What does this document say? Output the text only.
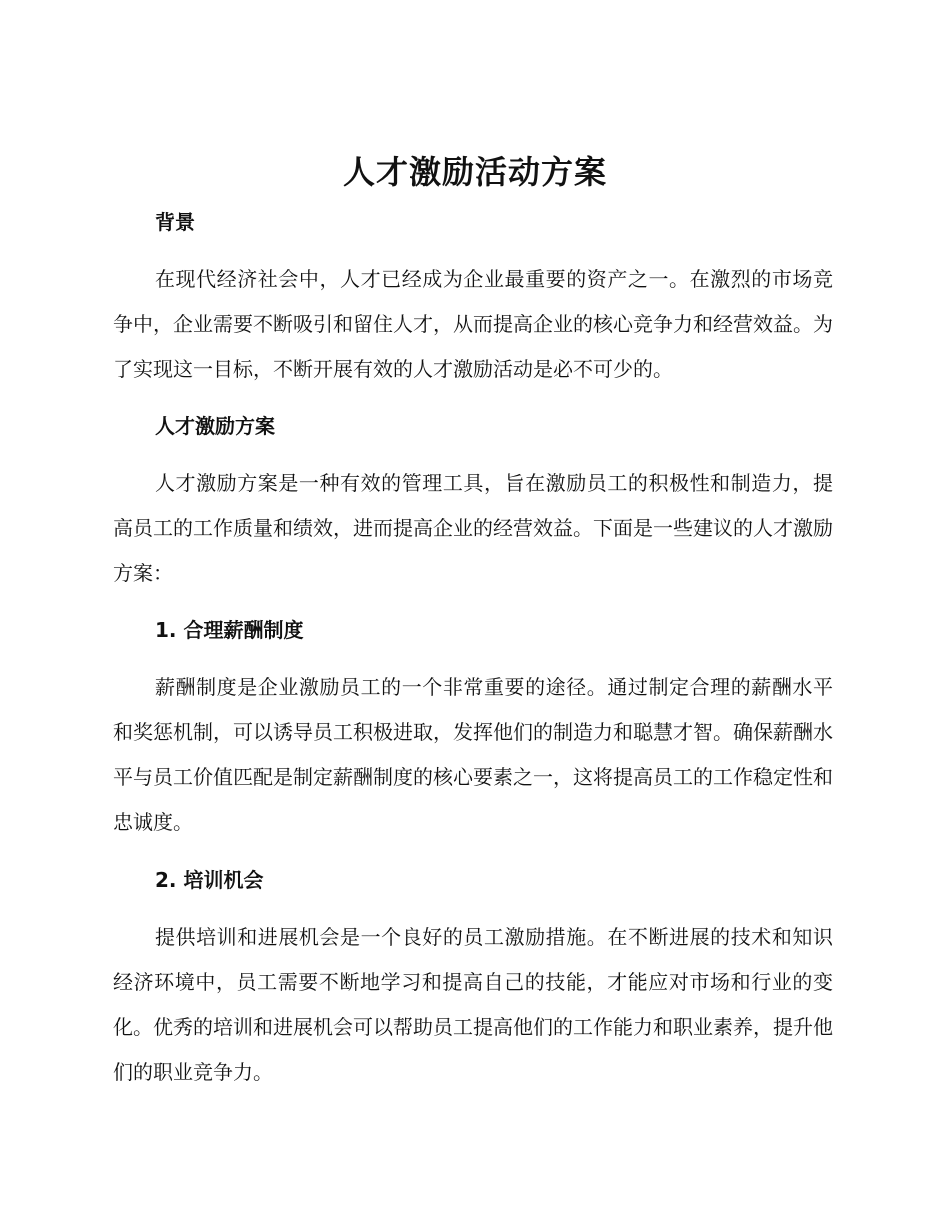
人才激励活动方案
背景

在现代经济社会中，人才已经成为企业最重要的资产之一。在激烈的市场竞争中，企业需要不断吸引和留住人才，从而提高企业的核心竞争力和经营效益。为了实现这一目标，不断开展有效的人才激励活动是必不可少的。

人才激励方案

人才激励方案是一种有效的管理工具，旨在激励员工的积极性和制造力，提高员工的工作质量和绩效，进而提高企业的经营效益。下面是一些建议的人才激励方案：

1. 合理薪酬制度

薪酬制度是企业激励员工的一个非常重要的途径。通过制定合理的薪酬水平和奖惩机制，可以诱导员工积极进取，发挥他们的制造力和聪慧才智。确保薪酬水平与员工价值匹配是制定薪酬制度的核心要素之一，这将提高员工的工作稳定性和忠诚度。

2. 培训机会

提供培训和进展机会是一个良好的员工激励措施。在不断进展的技术和知识经济环境中，员工需要不断地学习和提高自己的技能，才能应对市场和行业的变化。优秀的培训和进展机会可以帮助员工提高他们的工作能力和职业素养，提升他们的职业竞争力。
